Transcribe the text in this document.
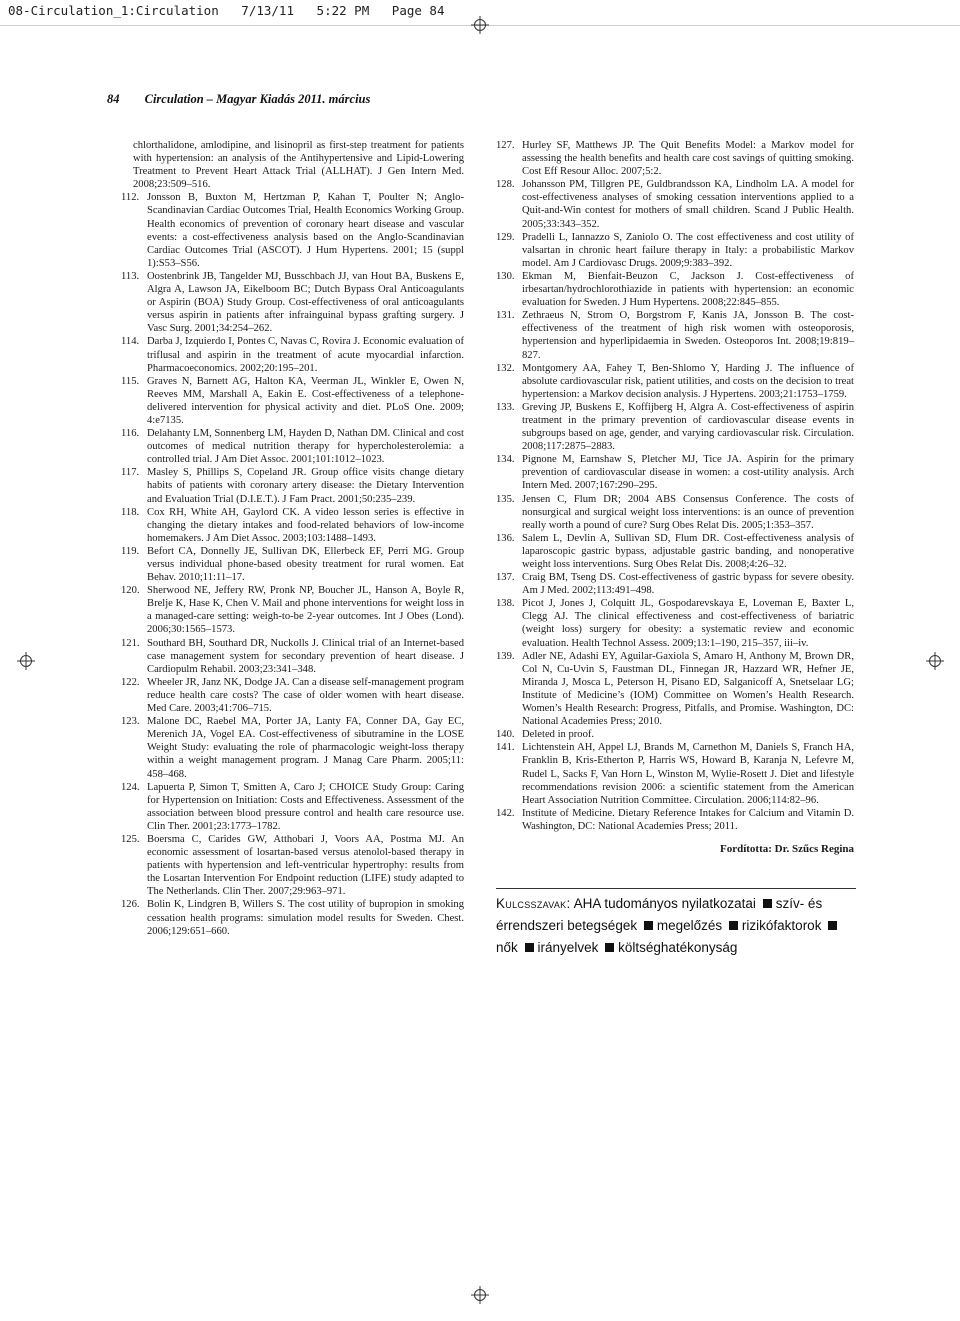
08-Circulation_1:Circulation   7/13/11   5:22 PM   Page 84
84 Circulation – Magyar Kiadás 2011. március
chlorthalidone, amlodipine, and lisinopril as first-step treatment for patients with hypertension: an analysis of the Antihypertensive and Lipid-Lowering Treatment to Prevent Heart Attack Trial (ALLHAT). J Gen Intern Med. 2008;23:509–516.
112. Jonsson B, Buxton M, Hertzman P, Kahan T, Poulter N; Anglo-Scandinavian Cardiac Outcomes Trial, Health Economics Working Group. Health economics of prevention of coronary heart disease and vascular events: a cost-effectiveness analysis based on the Anglo-Scandinavian Cardiac Outcomes Trial (ASCOT). J Hum Hypertens. 2001; 15 (suppl 1):S53–S56.
113. Oostenbrink JB, Tangelder MJ, Busschbach JJ, van Hout BA, Buskens E, Algra A, Lawson JA, Eikelboom BC; Dutch Bypass Oral Anticoagulants or Aspirin (BOA) Study Group. Cost-effectiveness of oral anticoagulants versus aspirin in patients after infrainguinal bypass grafting surgery. J Vasc Surg. 2001;34:254–262.
114. Darba J, Izquierdo I, Pontes C, Navas C, Rovira J. Economic evaluation of triflusal and aspirin in the treatment of acute myocardial infarction. Pharmacoeconomics. 2002;20:195–201.
115. Graves N, Barnett AG, Halton KA, Veerman JL, Winkler E, Owen N, Reeves MM, Marshall A, Eakin E. Cost-effectiveness of a telephone-delivered intervention for physical activity and diet. PLoS One. 2009; 4:e7135.
116. Delahanty LM, Sonnenberg LM, Hayden D, Nathan DM. Clinical and cost outcomes of medical nutrition therapy for hypercholesterolemia: a controlled trial. J Am Diet Assoc. 2001;101:1012–1023.
117. Masley S, Phillips S, Copeland JR. Group office visits change dietary habits of patients with coronary artery disease: the Dietary Intervention and Evaluation Trial (D.I.E.T.). J Fam Pract. 2001;50:235–239.
118. Cox RH, White AH, Gaylord CK. A video lesson series is effective in changing the dietary intakes and food-related behaviors of low-income homemakers. J Am Diet Assoc. 2003;103:1488–1493.
119. Befort CA, Donnelly JE, Sullivan DK, Ellerbeck EF, Perri MG. Group versus individual phone-based obesity treatment for rural women. Eat Behav. 2010;11:11–17.
120. Sherwood NE, Jeffery RW, Pronk NP, Boucher JL, Hanson A, Boyle R, Brelje K, Hase K, Chen V. Mail and phone interventions for weight loss in a managed-care setting: weigh-to-be 2-year outcomes. Int J Obes (Lond). 2006;30:1565–1573.
121. Southard BH, Southard DR, Nuckolls J. Clinical trial of an Internet-based case management system for secondary prevention of heart disease. J Cardiopulm Rehabil. 2003;23:341–348.
122. Wheeler JR, Janz NK, Dodge JA. Can a disease self-management program reduce health care costs? The case of older women with heart disease. Med Care. 2003;41:706–715.
123. Malone DC, Raebel MA, Porter JA, Lanty FA, Conner DA, Gay EC, Merenich JA, Vogel EA. Cost-effectiveness of sibutramine in the LOSE Weight Study: evaluating the role of pharmacologic weight-loss therapy within a weight management program. J Manag Care Pharm. 2005;11: 458–468.
124. Lapuerta P, Simon T, Smitten A, Caro J; CHOICE Study Group: Caring for Hypertension on Initiation: Costs and Effectiveness. Assessment of the association between blood pressure control and health care resource use. Clin Ther. 2001;23:1773–1782.
125. Boersma C, Carides GW, Atthobari J, Voors AA, Postma MJ. An economic assessment of losartan-based versus atenolol-based therapy in patients with hypertension and left-ventricular hypertrophy: results from the Losartan Intervention For Endpoint reduction (LIFE) study adapted to The Netherlands. Clin Ther. 2007;29:963–971.
126. Bolin K, Lindgren B, Willers S. The cost utility of bupropion in smoking cessation health programs: simulation model results for Sweden. Chest. 2006;129:651–660.
127. Hurley SF, Matthews JP. The Quit Benefits Model: a Markov model for assessing the health benefits and health care cost savings of quitting smoking. Cost Eff Resour Alloc. 2007;5:2.
128. Johansson PM, Tillgren PE, Guldbrandsson KA, Lindholm LA. A model for cost-effectiveness analyses of smoking cessation interventions applied to a Quit-and-Win contest for mothers of small children. Scand J Public Health. 2005;33:343–352.
129. Pradelli L, Iannazzo S, Zaniolo O. The cost effectiveness and cost utility of valsartan in chronic heart failure therapy in Italy: a probabilistic Markov model. Am J Cardiovasc Drugs. 2009;9:383–392.
130. Ekman M, Bienfait-Beuzon C, Jackson J. Cost-effectiveness of irbesartan/hydrochlorothiazide in patients with hypertension: an economic evaluation for Sweden. J Hum Hypertens. 2008;22:845–855.
131. Zethraeus N, Strom O, Borgstrom F, Kanis JA, Jonsson B. The cost-effectiveness of the treatment of high risk women with osteoporosis, hypertension and hyperlipidaemia in Sweden. Osteoporos Int. 2008;19:819–827.
132. Montgomery AA, Fahey T, Ben-Shlomo Y, Harding J. The influence of absolute cardiovascular risk, patient utilities, and costs on the decision to treat hypertension: a Markov decision analysis. J Hypertens. 2003;21:1753–1759.
133. Greving JP, Buskens E, Koffijberg H, Algra A. Cost-effectiveness of aspirin treatment in the primary prevention of cardiovascular disease events in subgroups based on age, gender, and varying cardiovascular risk. Circulation. 2008;117:2875–2883.
134. Pignone M, Earnshaw S, Pletcher MJ, Tice JA. Aspirin for the primary prevention of cardiovascular disease in women: a cost-utility analysis. Arch Intern Med. 2007;167:290–295.
135. Jensen C, Flum DR; 2004 ABS Consensus Conference. The costs of nonsurgical and surgical weight loss interventions: is an ounce of prevention really worth a pound of cure? Surg Obes Relat Dis. 2005;1:353–357.
136. Salem L, Devlin A, Sullivan SD, Flum DR. Cost-effectiveness analysis of laparoscopic gastric bypass, adjustable gastric banding, and nonoperative weight loss interventions. Surg Obes Relat Dis. 2008;4:26–32.
137. Craig BM, Tseng DS. Cost-effectiveness of gastric bypass for severe obesity. Am J Med. 2002;113:491–498.
138. Picot J, Jones J, Colquitt JL, Gospodarevskaya E, Loveman E, Baxter L, Clegg AJ. The clinical effectiveness and cost-effectiveness of bariatric (weight loss) surgery for obesity: a systematic review and economic evaluation. Health Technol Assess. 2009;13:1–190, 215–357, iii–iv.
139. Adler NE, Adashi EY, Aguilar-Gaxiola S, Amaro H, Anthony M, Brown DR, Col N, Cu-Uvin S, Faustman DL, Finnegan JR, Hazzard WR, Hefner JE, Miranda J, Mosca L, Peterson H, Pisano ED, Salganicoff A, Snetselaar LG; Institute of Medicine’s (IOM) Committee on Women’s Health Research. Women’s Health Research: Progress, Pitfalls, and Promise. Washington, DC: National Academies Press; 2010.
140. Deleted in proof.
141. Lichtenstein AH, Appel LJ, Brands M, Carnethon M, Daniels S, Franch HA, Franklin B, Kris-Etherton P, Harris WS, Howard B, Karanja N, Lefevre M, Rudel L, Sacks F, Van Horn L, Winston M, Wylie-Rosett J. Diet and lifestyle recommendations revision 2006: a scientific statement from the American Heart Association Nutrition Committee. Circulation. 2006;114:82–96.
142. Institute of Medicine. Dietary Reference Intakes for Calcium and Vitamin D. Washington, DC: National Academies Press; 2011.
Fordította: Dr. Szűcs Regina
Kulcsszavak: AHA tudományos nyilatkozatai szív- és érrendszeri betegségek megelőzés rizikófaktorok nők irányelvek költséghatékonyság
